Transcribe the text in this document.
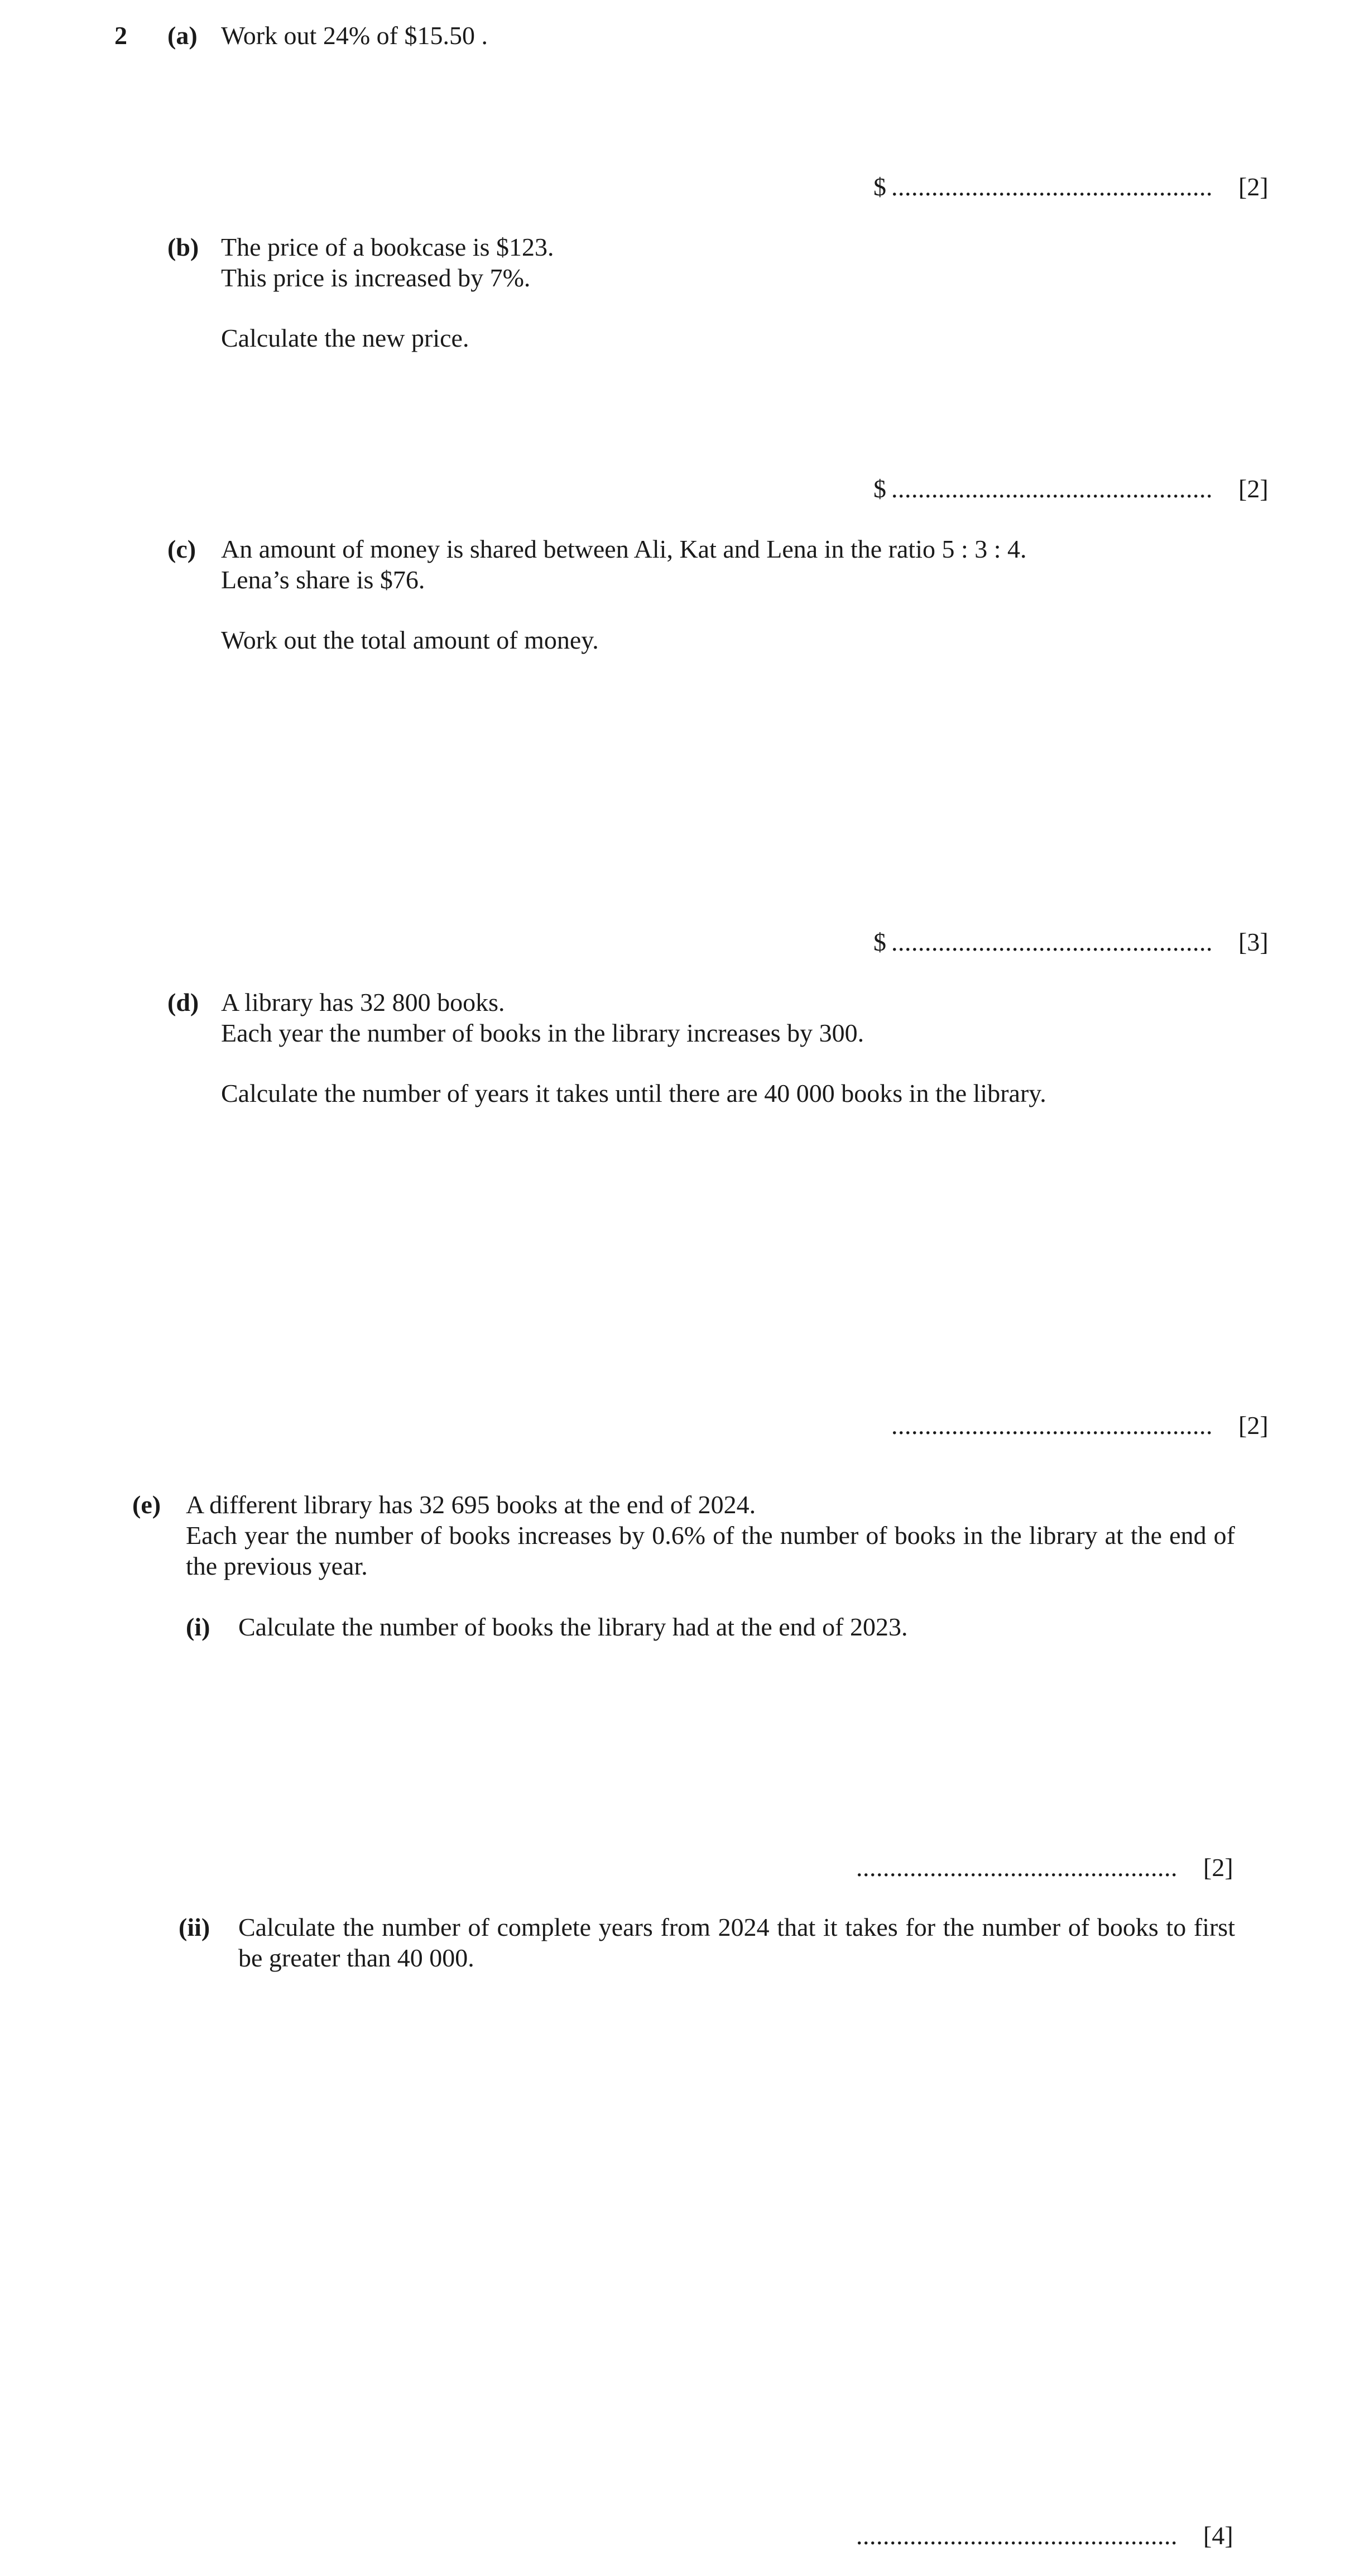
2 (a) Work out 24% of $15.50 .
$ ................................................ [2]
(b) The price of a bookcase is $123.
This price is increased by 7%.
Calculate the new price.
$ ................................................ [2]
(c) An amount of money is shared between Ali, Kat and Lena in the ratio 5 : 3 : 4.
Lena’s share is $76.
Work out the total amount of money.
$ ................................................ [3]
(d) A library has 32 800 books.
Each year the number of books in the library increases by 300.
Calculate the number of years it takes until there are 40 000 books in the library.
................................................ [2]
(e) A different library has 32 695 books at the end of 2024.
Each year the number of books increases by 0.6% of the number of books in the library at the end of the previous year.
(i) Calculate the number of books the library had at the end of 2023.
................................................ [2]
(ii) Calculate the number of complete years from 2024 that it takes for the number of books to first be greater than 40 000.
................................................ [4]
